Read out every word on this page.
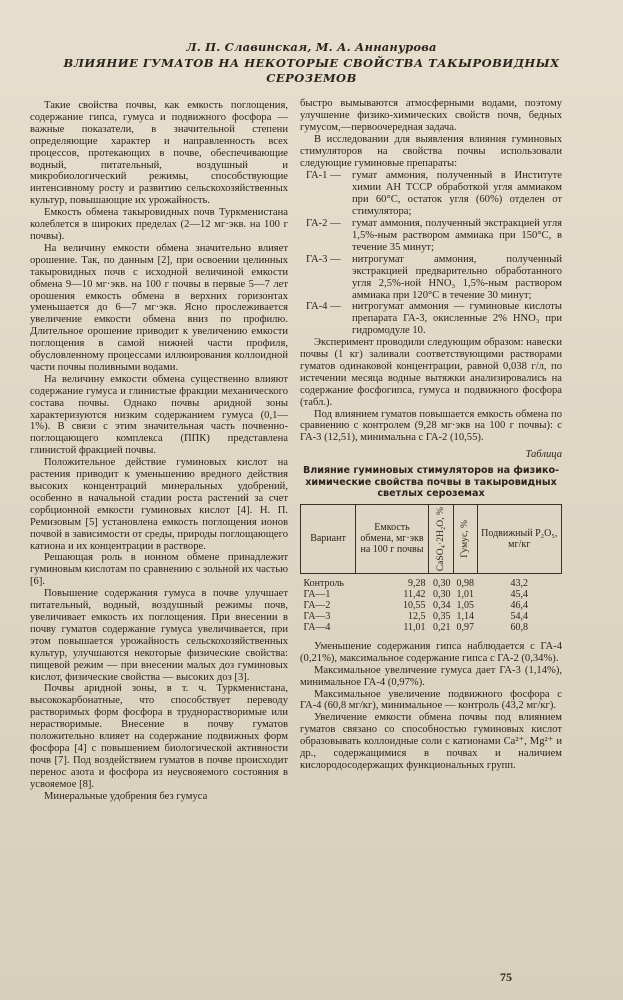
Л. П. Славинская, М. А. Аннанурова
ВЛИЯНИЕ ГУМАТОВ НА НЕКОТОРЫЕ СВОЙСТВА ТАКЫРОВИДНЫХ СЕРОЗЕМОВ

Такие свойства почвы, как емкость поглощения, содержание гипса, гумуса и подвижного фосфора — важные показатели, в значительной степени определяющие характер и направленность всех процессов, протекающих в почве, обеспечивающие водный, питательный, воздушный и микробиологический режимы, способствующие интенсивному росту и развитию сельскохозяйственных культур, повышающие их урожайность.

Емкость обмена такыровидных почв Туркменистана колеблется в широких пределах (2—12 мг·экв. на 100 г почвы).

На величину емкости обмена значительно влияет орошение. Так, по данным [2], при освоении целинных такыровидных почв с исходной величиной емкости обмена 9—10 мг·экв. на 100 г почвы в первые 5—7 лет орошения емкость обмена в верхних горизонтах уменьшается до 6—7 мг·экв. Ясно прослеживается увеличение емкости обмена вниз по профилю. Длительное орошение приводит к увеличению емкости поглощения в самой нижней части профиля, обусловленному процессами иллюирования коллоидной части почвы поливными водами.

На величину емкости обмена существенно влияют содержание гумуса и глинистые фракции механического состава почвы. Однако почвы аридной зоны характеризуются низким содержанием гумуса (0,1—1%). В связи с этим значительная часть почвенно-поглощающего комплекса (ППК) представлена глинистой фракцией почвы.

Положительное действие гуминовых кислот на растения приводит к уменьшению вредного действия высоких концентраций минеральных удобрений, особенно в начальной стадии роста растений за счет сорбционной емкости гуминовых кислот [4]. Н. П. Ремизовым [5] установлена емкость поглощения ионов почвой в зависимости от среды, природы поглощающего катиона и их концентрации в растворе.

Решающая роль в ионном обмене принадлежит гуминовым кислотам по сравнению с зольной их частью [6].

Повышение содержания гумуса в почве улучшает питательный, водный, воздушный режимы почв, увеличивает емкость их поглощения. При внесении в почву гуматов содержание гумуса увеличивается, при этом повышается урожайность сельскохозяйственных культур, улучшаются некоторые физические свойства: пищевой режим — при внесении малых доз гуминовых кислот, физические свойства — высоких доз [3].

Почвы аридной зоны, в т. ч. Туркменистана, высококарбонатные, что способствует переводу растворимых форм фосфора в труднорастворимые или нерастворимые. Внесение в почву гуматов положительно влияет на содержание подвижных форм фосфора [4] с повышением биологической активности почв [7]. Под воздействием гуматов в почве происходит перенос азота и фосфора из неусвояемого состояния в усвояемое [8].

Минеральные удобрения без гумуса

быстро вымываются атмосферными водами, поэтому улучшение физико-химических свойств почв, бедных гумусом,—первоочередная задача.

В исследовании для выявления влияния гуминовых стимуляторов на свойства почвы использовали следующие гуминовые препараты:

ГА-1 —	гумат аммония, полученный в Институте химии АН ТССР обработкой угля аммиаком при 60°С, остаток угля (60%) отделен от стимулятора;
ГА-2 —	гумат аммония, полученный экстракцией угля 1,5%-ным раствором аммиака при 150°С, в течение 35 минут;
ГА-3 —	нитрогумат аммония, полученный экстракцией предварительно обработанного угля 2,5%-ной HNO₃ 1,5%-ным раствором аммиака при 120°С в течение 30 минут;
ГА-4 —	нитрогумат аммония — гуминовые кислоты препарата ГА-3, окисленные 2% HNO₃ при гидромодуле 10.

Эксперимент проводили следующим образом: навески почвы (1 кг) заливали соответствующими растворами гуматов одинаковой концентрации, равной 0,038 г/л, по истечении месяца водные вытяжки анализировались на содержание фосфогипса, гумуса и подвижного фосфора (табл.).

Под влиянием гуматов повышается емкость обмена по сравнению с контролем (9,28 мг·экв на 100 г почвы): с ГА-3 (12,51), минимальна с ГА-2 (10,55).

Таблица
Влияние гуминовых стимуляторов на физико-химические свойства почвы в такыровидных светлых сероземах
Вариант	Емкость обмена, мг·экв на 100 г почвы	CaSO₄·2H₂O, %	Гумус, %	Подвижный P₂O₅, мг/кг
Контроль	9,28	0,30	0,98	43,2
ГА—1	11,42	0,30	1,01	45,4
ГА—2	10,55	0,34	1,05	46,4
ГА—3	12,5	0,35	1,14	54,4
ГА—4	11,01	0,21	0,97	60,8

Уменьшение содержания гипса наблюдается с ГА-4 (0,21%), максимальное содержание гипса с ГА-2 (0,34%).

Максимальное увеличение гумуса дает ГА-3 (1,14%), минимальное ГА-4 (0,97%).

Максимальное увеличение подвижного фосфора с ГА-4 (60,8 мг/кг), минимальное — контроль (43,2 мг/кг).

Увеличение емкости обмена почвы под влиянием гуматов связано со способностью гуминовых кислот образовывать коллоидные соли с катионами Ca²⁺, Mg²⁺ и др., содержащимися в почвах и наличием кислородосодержащих функциональных групп.

75
